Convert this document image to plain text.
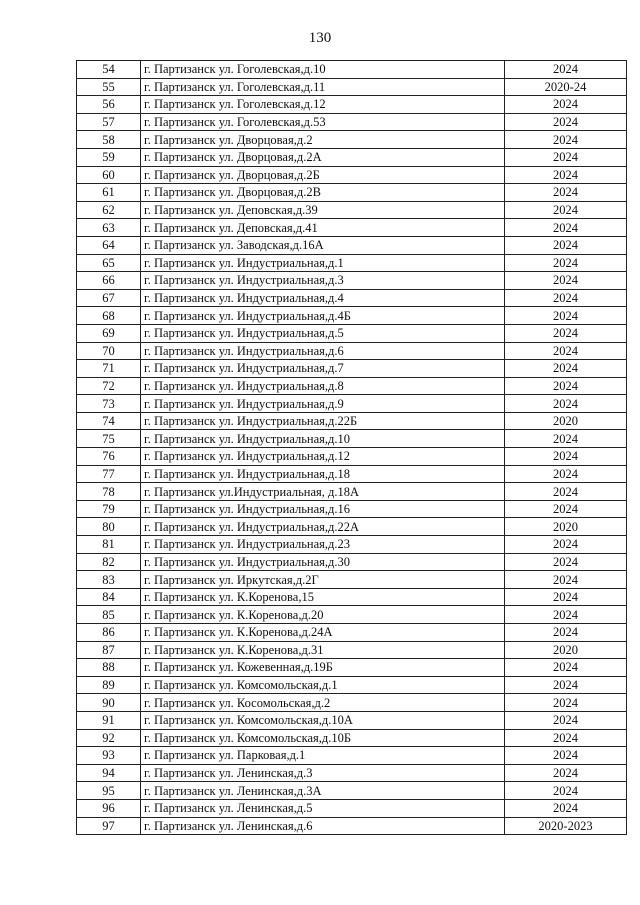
130
54	г. Партизанск ул. Гоголевская,д.10	2024
55	г. Партизанск ул. Гоголевская,д.11	2020-24
56	г. Партизанск ул. Гоголевская,д.12	2024
57	г. Партизанск ул. Гоголевская,д.53	2024
58	г. Партизанск ул. Дворцовая,д.2	2024
59	г. Партизанск ул. Дворцовая,д.2А	2024
60	г. Партизанск ул. Дворцовая,д.2Б	2024
61	г. Партизанск ул. Дворцовая,д.2В	2024
62	г. Партизанск ул. Деповская,д.39	2024
63	г. Партизанск ул. Деповская,д.41	2024
64	г. Партизанск ул. Заводская,д.16А	2024
65	г. Партизанск ул. Индустриальная,д.1	2024
66	г. Партизанск ул. Индустриальная,д.3	2024
67	г. Партизанск ул. Индустриальная,д.4	2024
68	г. Партизанск ул. Индустриальная,д.4Б	2024
69	г. Партизанск ул. Индустриальная,д.5	2024
70	г. Партизанск ул. Индустриальная,д.6	2024
71	г. Партизанск ул. Индустриальная,д.7	2024
72	г. Партизанск ул. Индустриальная,д.8	2024
73	г. Партизанск ул. Индустриальная,д.9	2024
74	г. Партизанск ул. Индустриальная,д.22Б	2020
75	г. Партизанск ул. Индустриальная,д.10	2024
76	г. Партизанск ул. Индустриальная,д.12	2024
77	г. Партизанск ул. Индустриальная,д.18	2024
78	г. Партизанск ул.Индустриальная, д.18А	2024
79	г. Партизанск ул. Индустриальная,д.16	2024
80	г. Партизанск ул. Индустриальная,д.22А	2020
81	г. Партизанск ул. Индустриальная,д.23	2024
82	г. Партизанск ул. Индустриальная,д.30	2024
83	г. Партизанск ул. Иркутская,д.2Г	2024
84	г. Партизанск ул. К.Коренова,15	2024
85	г. Партизанск ул. К.Коренова,д.20	2024
86	г. Партизанск ул. К.Коренова,д.24А	2024
87	г. Партизанск ул. К.Коренова,д.31	2020
88	г. Партизанск ул. Кожевенная,д.19Б	2024
89	г. Партизанск ул. Комсомольская,д.1	2024
90	г. Партизанск ул. Косомольская,д.2	2024
91	г. Партизанск ул. Комсомольская,д.10А	2024
92	г. Партизанск ул. Комсомольская,д.10Б	2024
93	г. Партизанск ул. Парковая,д.1	2024
94	г. Партизанск ул. Ленинская,д.3	2024
95	г. Партизанск ул. Ленинская,д.3А	2024
96	г. Партизанск ул. Ленинская,д.5	2024
97	г. Партизанск ул. Ленинская,д.6	2020-2023
